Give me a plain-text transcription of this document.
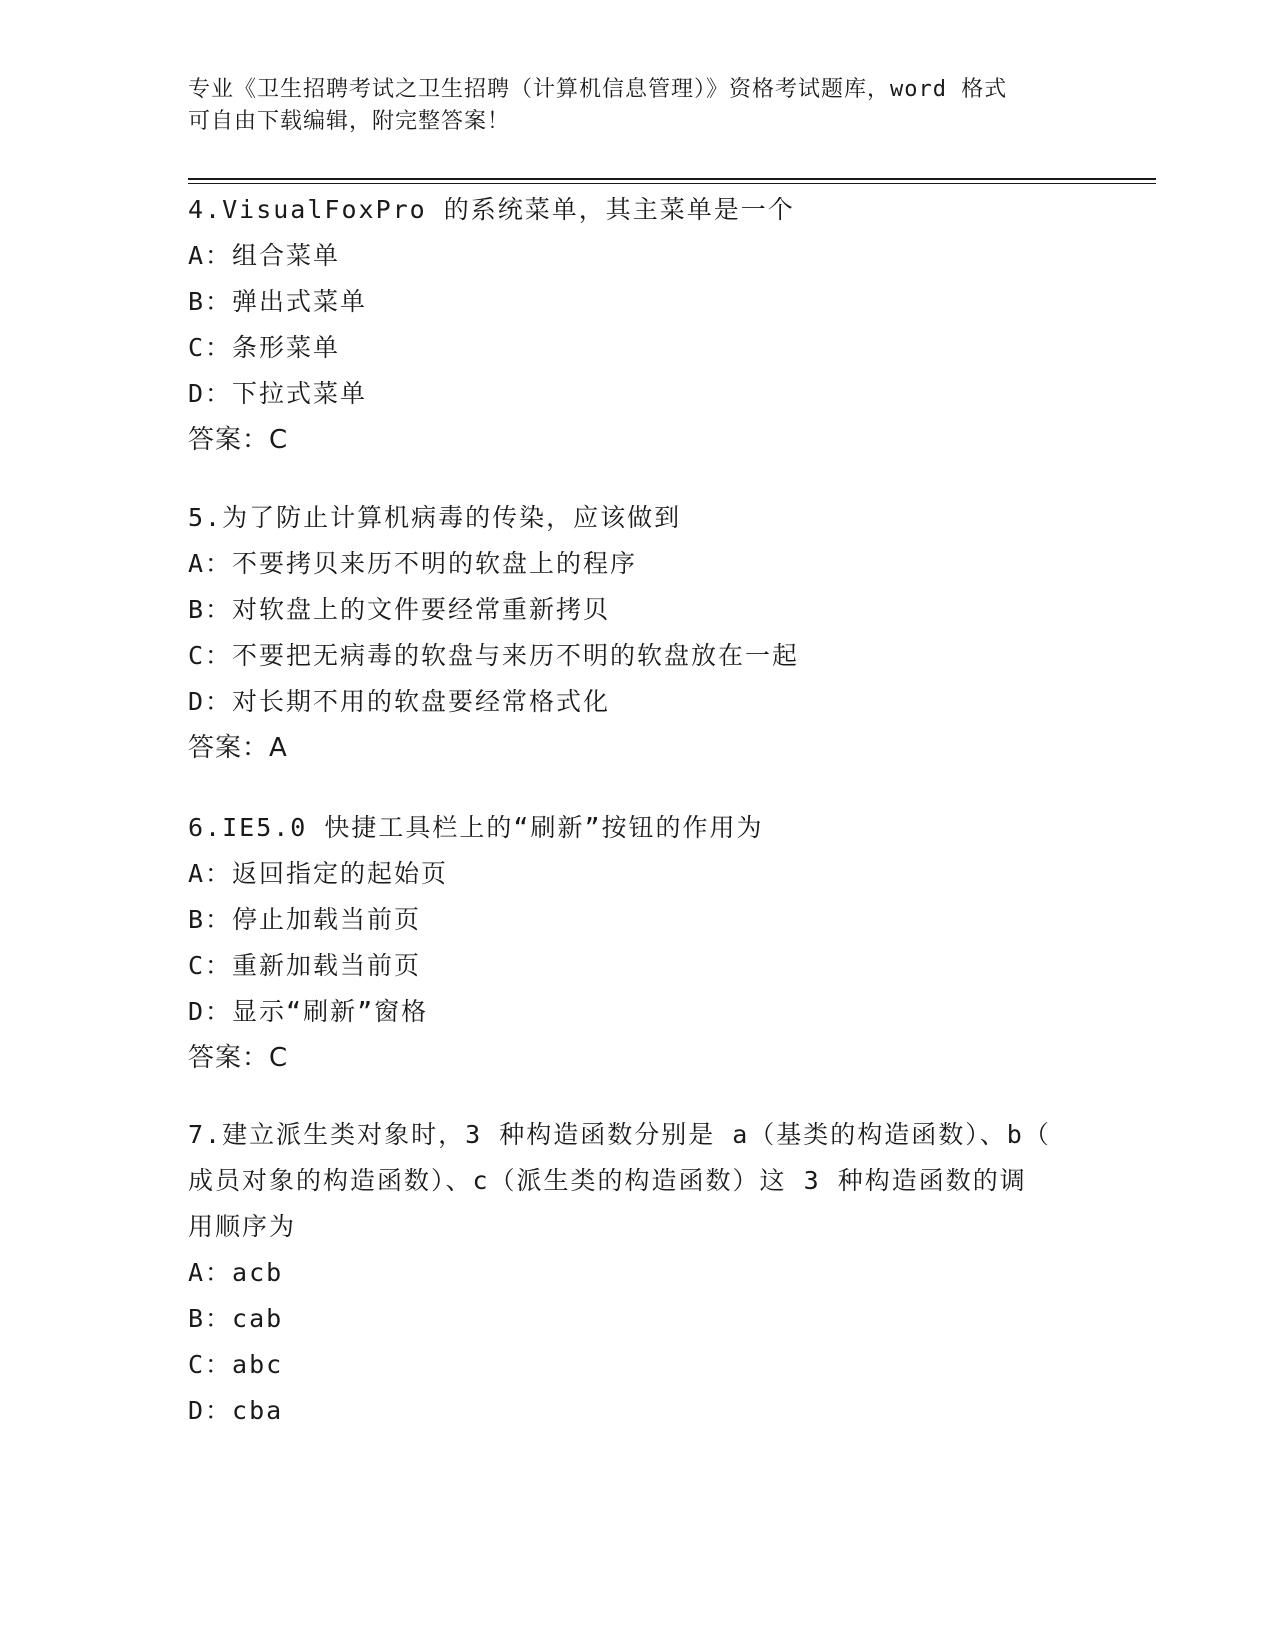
专业《卫生招聘考试之卫生招聘（计算机信息管理）》资格考试题库，word 格式
可自由下载编辑，附完整答案！
4.VisualFoxPro 的系统菜单，其主菜单是一个
A：组合菜单
B：弹出式菜单
C：条形菜单
D：下拉式菜单
答案：C
5.为了防止计算机病毒的传染，应该做到
A：不要拷贝来历不明的软盘上的程序
B：对软盘上的文件要经常重新拷贝
C：不要把无病毒的软盘与来历不明的软盘放在一起
D：对长期不用的软盘要经常格式化
答案：A
6.IE5.0 快捷工具栏上的“刷新”按钮的作用为
A：返回指定的起始页
B：停止加载当前页
C：重新加载当前页
D：显示“刷新”窗格
答案：C
7.建立派生类对象时，3 种构造函数分别是 a（基类的构造函数）、b（
成员对象的构造函数）、c（派生类的构造函数）这 3 种构造函数的调
用顺序为
A：acb
B：cab
C：abc
D：cba
